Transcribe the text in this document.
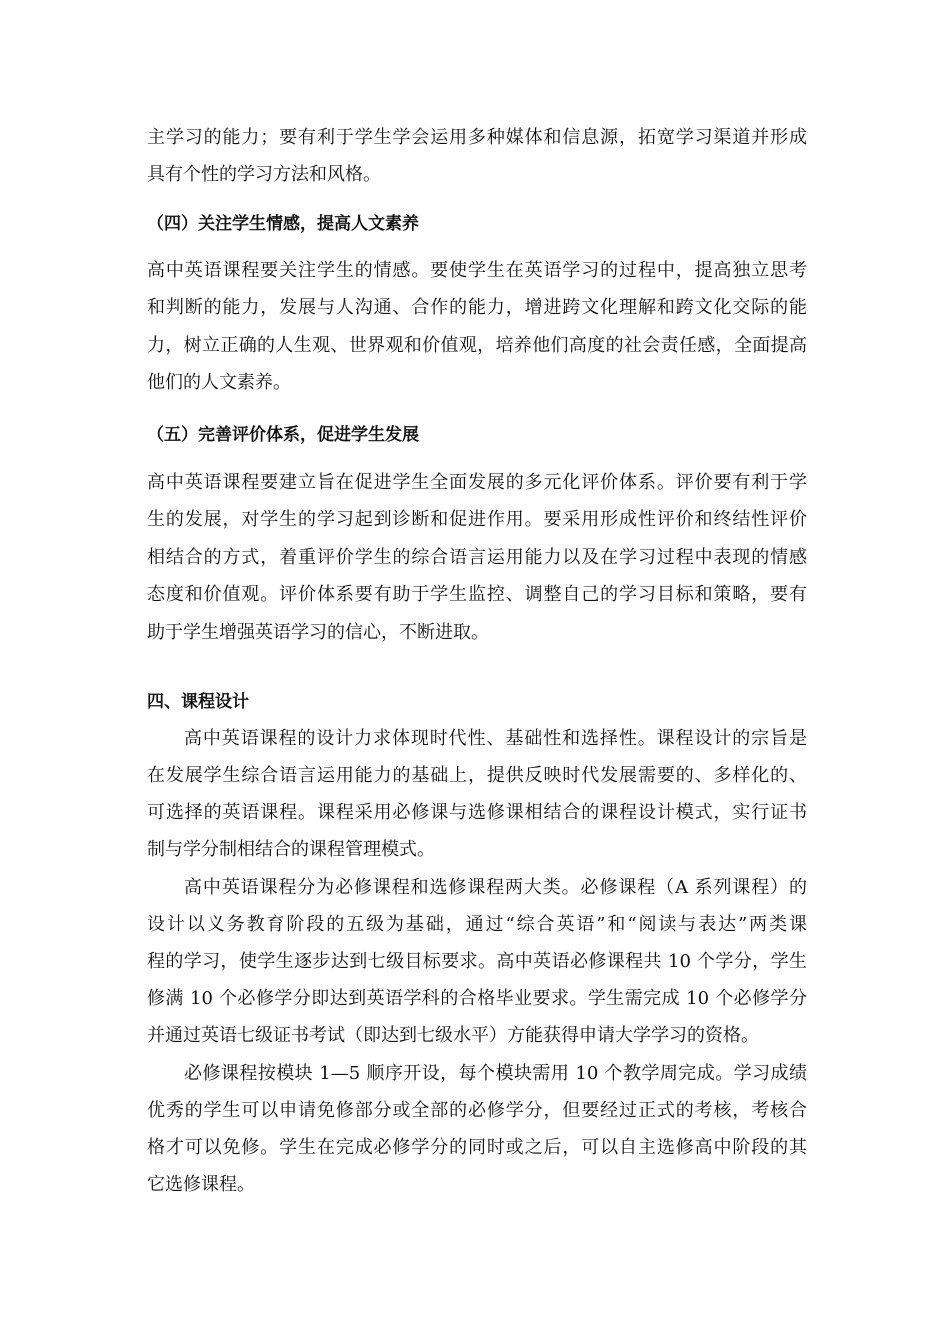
主学习的能力；要有利于学生学会运用多种媒体和信息源，拓宽学习渠道并形成
具有个性的学习方法和风格。
（四）关注学生情感，提高人文素养
高中英语课程要关注学生的情感。要使学生在英语学习的过程中，提高独立思考
和判断的能力，发展与人沟通、合作的能力，增进跨文化理解和跨文化交际的能
力，树立正确的人生观、世界观和价值观，培养他们高度的社会责任感，全面提高
他们的人文素养。
（五）完善评价体系，促进学生发展
高中英语课程要建立旨在促进学生全面发展的多元化评价体系。评价要有利于学
生的发展，对学生的学习起到诊断和促进作用。要采用形成性评价和终结性评价
相结合的方式，着重评价学生的综合语言运用能力以及在学习过程中表现的情感
态度和价值观。评价体系要有助于学生监控、调整自己的学习目标和策略，要有
助于学生增强英语学习的信心，不断进取。
四、课程设计
高中英语课程的设计力求体现时代性、基础性和选择性。课程设计的宗旨是
在发展学生综合语言运用能力的基础上，提供反映时代发展需要的、多样化的、
可选择的英语课程。课程采用必修课与选修课相结合的课程设计模式，实行证书
制与学分制相结合的课程管理模式。
高中英语课程分为必修课程和选修课程两大类。必修课程（A 系列课程）的
设计以义务教育阶段的五级为基础，通过“综合英语”和“阅读与表达”两类课
程的学习，使学生逐步达到七级目标要求。高中英语必修课程共 10 个学分，学生
修满 10 个必修学分即达到英语学科的合格毕业要求。学生需完成 10 个必修学分
并通过英语七级证书考试（即达到七级水平）方能获得申请大学学习的资格。
必修课程按模块 1—5 顺序开设，每个模块需用 10 个教学周完成。学习成绩
优秀的学生可以申请免修部分或全部的必修学分，但要经过正式的考核，考核合
格才可以免修。学生在完成必修学分的同时或之后，可以自主选修高中阶段的其
它选修课程。
